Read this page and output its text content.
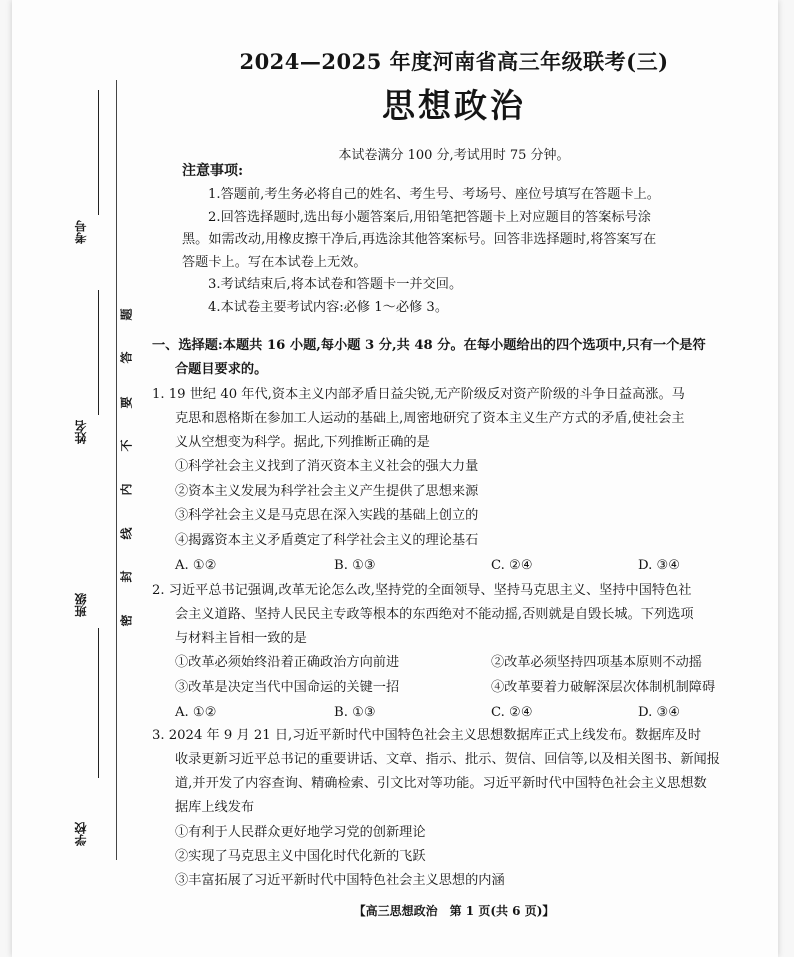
考号
姓名
班级
学校
题
答
要
不
内
线
封
密
2024—2025 年度河南省高三年级联考(三)
思想政治
本试卷满分 100 分,考试用时 75 分钟。
注意事项:
1.答题前,考生务必将自己的姓名、考生号、考场号、座位号填写在答题卡上。
2.回答选择题时,选出每小题答案后,用铅笔把答题卡上对应题目的答案标号涂
黑。如需改动,用橡皮擦干净后,再选涂其他答案标号。回答非选择题时,将答案写在
答题卡上。写在本试卷上无效。
3.考试结束后,将本试卷和答题卡一并交回。
4.本试卷主要考试内容:必修 1～必修 3。
一、选择题:本题共 16 小题,每小题 3 分,共 48 分。在每小题给出的四个选项中,只有一个是符
合题目要求的。
1. 19 世纪 40 年代,资本主义内部矛盾日益尖锐,无产阶级反对资产阶级的斗争日益高涨。马
克思和恩格斯在参加工人运动的基础上,周密地研究了资本主义生产方式的矛盾,使社会主
义从空想变为科学。据此,下列推断正确的是
①科学社会主义找到了消灭资本主义社会的强大力量
②资本主义发展为科学社会主义产生提供了思想来源
③科学社会主义是马克思在深入实践的基础上创立的
④揭露资本主义矛盾奠定了科学社会主义的理论基石
A. ①②	B. ①③	C. ②④	D. ③④
2. 习近平总书记强调,改革无论怎么改,坚持党的全面领导、坚持马克思主义、坚持中国特色社
会主义道路、坚持人民民主专政等根本的东西绝对不能动摇,否则就是自毁长城。下列选项
与材料主旨相一致的是
①改革必须始终沿着正确政治方向前进	②改革必须坚持四项基本原则不动摇
③改革是决定当代中国命运的关键一招	④改革要着力破解深层次体制机制障碍
A. ①②	B. ①③	C. ②④	D. ③④
3. 2024 年 9 月 21 日,习近平新时代中国特色社会主义思想数据库正式上线发布。数据库及时
收录更新习近平总书记的重要讲话、文章、指示、批示、贺信、回信等,以及相关图书、新闻报
道,并开发了内容查询、精确检索、引文比对等功能。习近平新时代中国特色社会主义思想数
据库上线发布
①有利于人民群众更好地学习党的创新理论
②实现了马克思主义中国化时代化新的飞跃
③丰富拓展了习近平新时代中国特色社会主义思想的内涵
【高三思想政治　第 1 页(共 6 页)】
